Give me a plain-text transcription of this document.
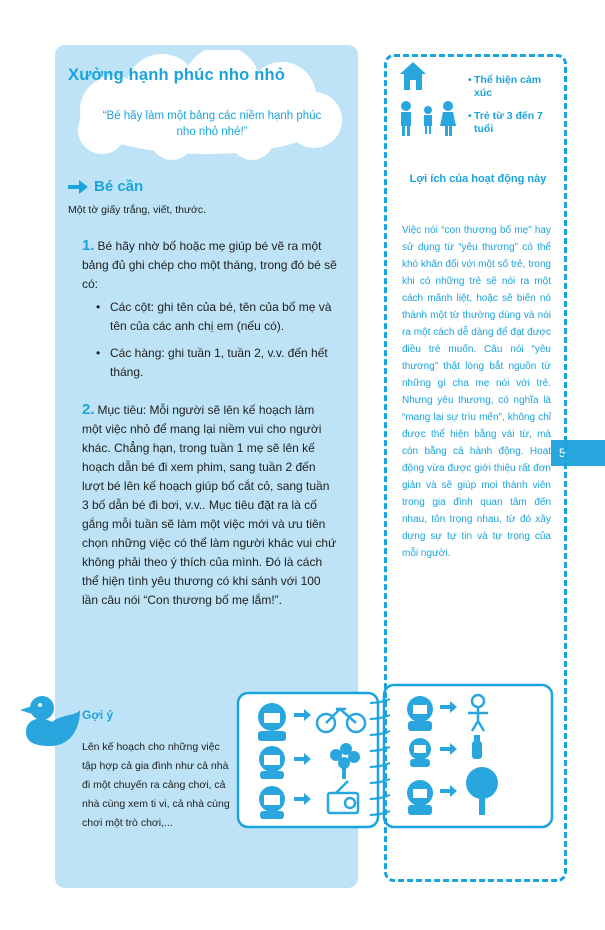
Xưởng hạnh phúc nho nhỏ
“Bé hãy làm một bảng các niềm hạnh phúc nho nhỏ nhé!”
Bé cần
Một tờ giấy trắng, viết, thước.
1. Bé hãy nhờ bố hoặc mẹ giúp bé vẽ ra một bảng đủ ghi chép cho một tháng, trong đó bé sẽ có:
• Các cột: ghi tên của bé, tên của bố mẹ và tên của các anh chị em (nếu có).
• Các hàng: ghi tuần 1, tuần 2, v.v. đến hết tháng.
2. Mục tiêu: Mỗi người sẽ lên kế hoạch làm một việc nhỏ để mang lại niềm vui cho người khác. Chẳng hạn, trong tuần 1 mẹ sẽ lên kế hoạch dẫn bé đi xem phim, sang tuần 2 đến lượt bé lên kế hoạch giúp bố cắt cỏ, sang tuần 3 bố dẫn bé đi bơi, v.v.. Mục tiêu đặt ra là cố gắng mỗi tuần sẽ làm một việc mới và ưu tiên chọn những việc có thể làm người khác vui chứ không phải theo ý thích của mình. Đó là cách thể hiện tình yêu thương có khi sánh với 100 lần câu nói “Con thương bố mẹ lắm!”.
Gợi ý
Lên kế hoạch cho những việc tập hợp cả gia đình như cả nhà đi một chuyến ra cảng chơi, cả nhà cùng xem ti vi, cả nhà cùng chơi một trò chơi,...
5
• Thể hiện cảm xúc
• Trẻ từ 3 đến 7 tuổi
Lợi ích của hoạt động này
Việc nói “con thương bố mẹ” hay sử dụng từ “yêu thương” có thể khó khăn đối với một số trẻ, trong khi có những trẻ sẽ nói ra một cách mãnh liệt, hoặc sẽ biến nó thành một từ thường dùng và nói ra một cách dễ dàng để đạt được điều trẻ muốn. Câu nói “yêu thương” thật lòng bắt nguồn từ những gì cha mẹ nói với trẻ. Nhưng yêu thương, có nghĩa là “mang lại sự trìu mến”, không chỉ được thể hiện bằng vài từ, mà còn bằng cả hành động. Hoạt động vừa được giới thiệu rất đơn giản và sẽ giúp mọi thành viên trong gia đình quan tâm đến nhau, tôn trọng nhau, từ đó xây dựng sự tự tin và tự trọng của mỗi người.
